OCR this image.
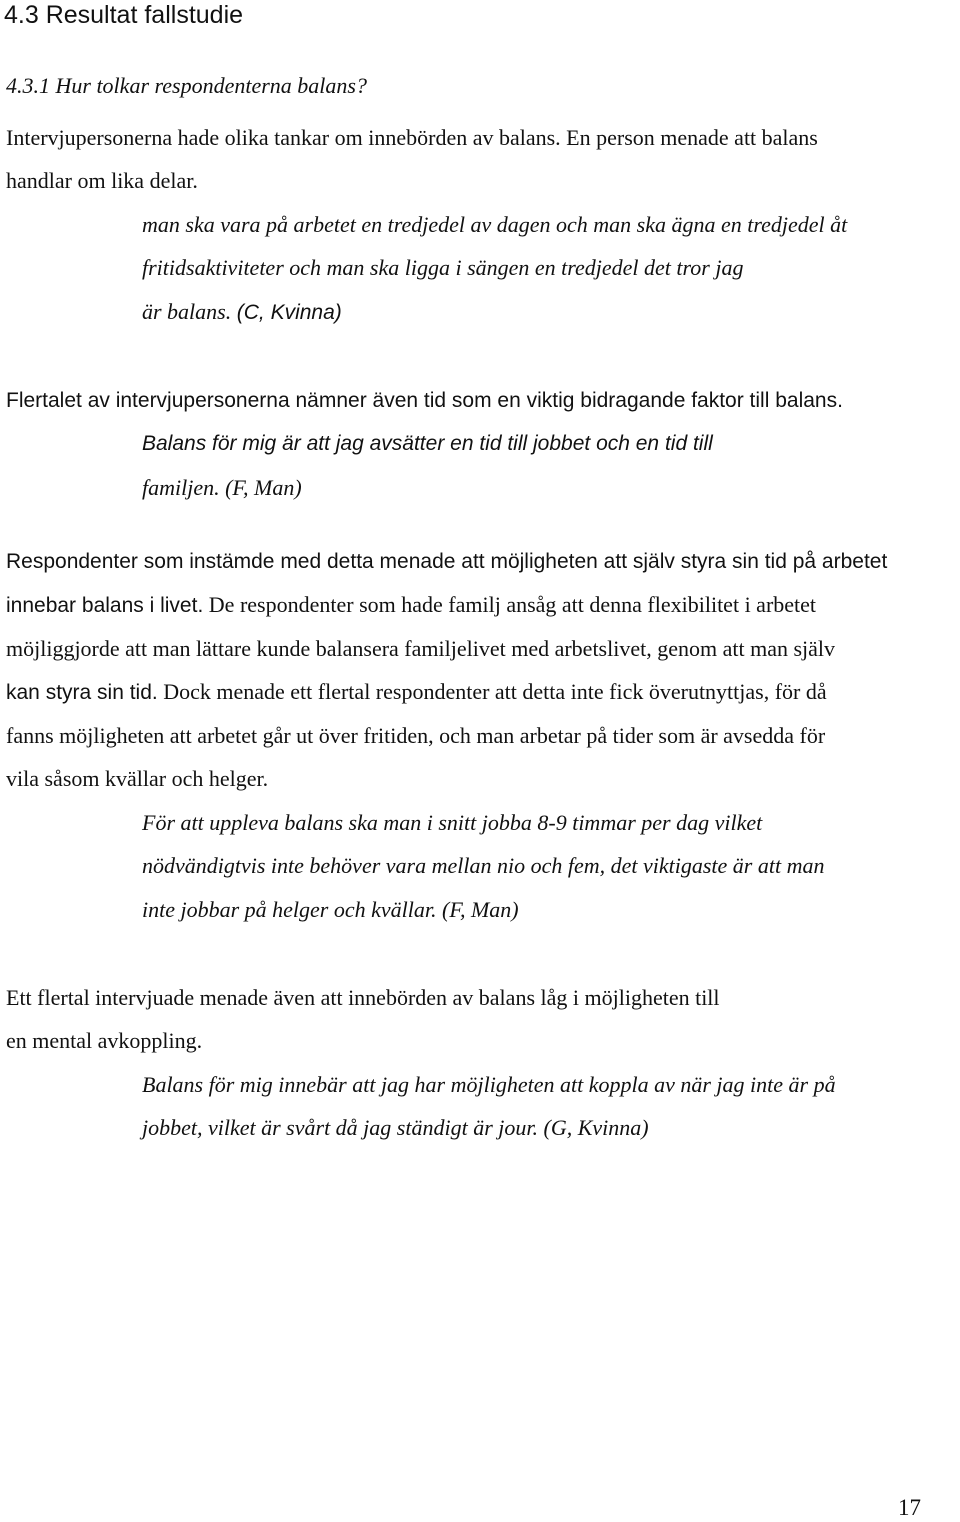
4.3 Resultat fallstudie
4.3.1 Hur tolkar respondenterna balans?
Intervjupersonerna hade olika tankar om innebörden av balans. En person menade att balans
handlar om lika delar.
man ska vara på arbetet en tredjedel av dagen och man ska ägna en tredjedel åt
fritidsaktiviteter och man ska ligga i sängen en tredjedel det tror jag
är balans. (C, Kvinna)
Flertalet av intervjupersonerna nämner även tid som en viktig bidragande faktor till balans.
Balans för mig är att jag avsätter en tid till jobbet och en tid till
familjen. (F, Man)
Respondenter som instämde med detta menade att möjligheten att själv styra sin tid på arbetet
innebar balans i livet. De respondenter som hade familj ansåg att denna flexibilitet i arbetet
möjliggjorde att man lättare kunde balansera familjelivet med arbetslivet, genom att man själv
kan styra sin tid. Dock menade ett flertal respondenter att detta inte fick överutnyttjas, för då
fanns möjligheten att arbetet går ut över fritiden, och man arbetar på tider som är avsedda för
vila såsom kvällar och helger.
För att uppleva balans ska man i snitt jobba 8-9 timmar per dag vilket
nödvändigtvis inte behöver vara mellan nio och fem, det viktigaste är att man
inte jobbar på helger och kvällar. (F, Man)
Ett flertal intervjuade menade även att innebörden av balans låg i möjligheten till
en mental avkoppling.
Balans för mig innebär att jag har möjligheten att koppla av när jag inte är på
jobbet, vilket är svårt då jag ständigt är jour. (G, Kvinna)
17
